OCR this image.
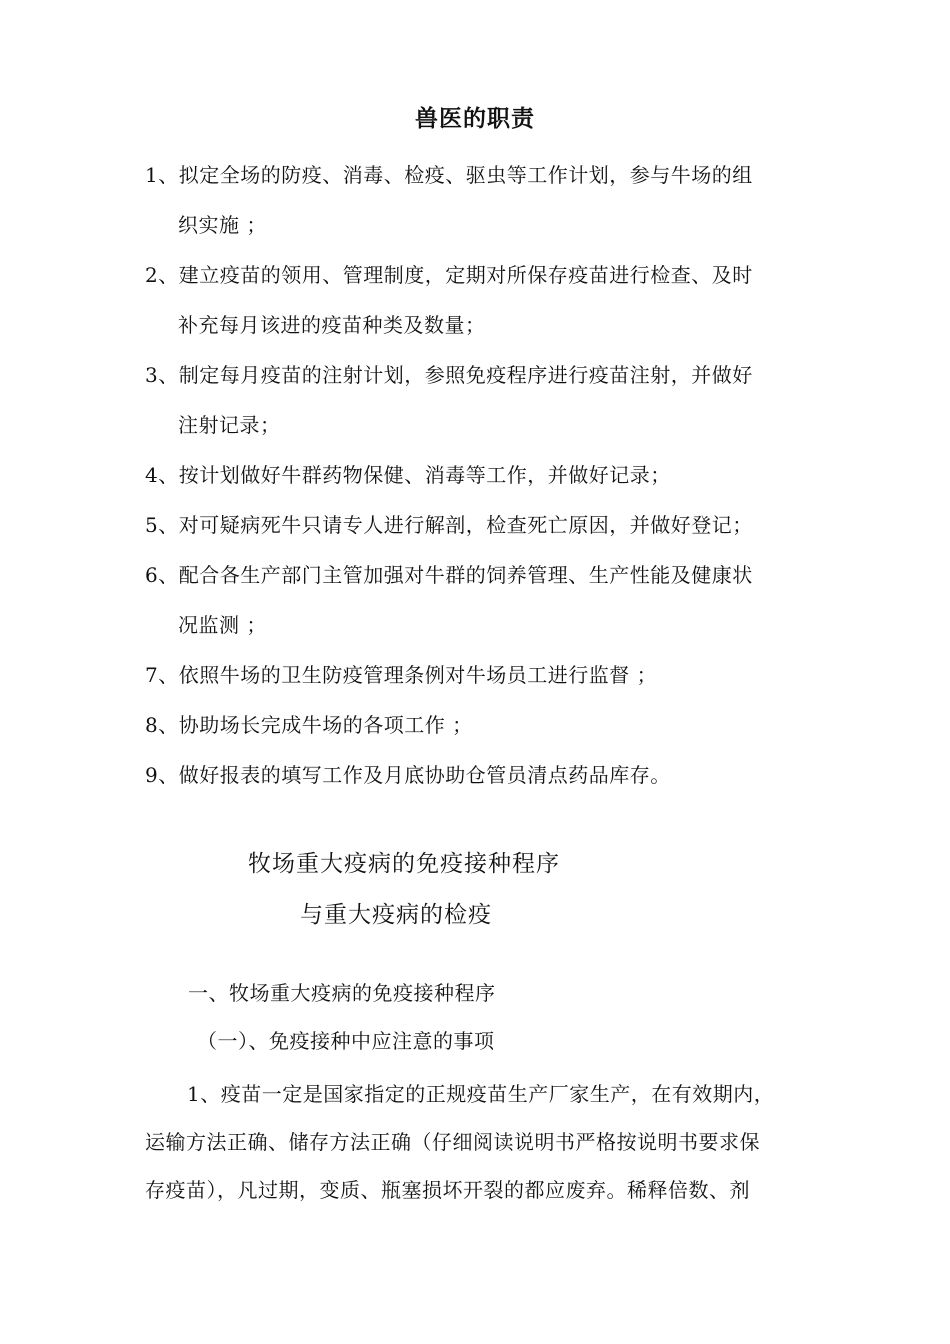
兽医的职责
1、拟定全场的防疫、消毒、检疫、驱虫等工作计划，参与牛场的组
织实施 ；
2、建立疫苗的领用、管理制度，定期对所保存疫苗进行检查、及时
补充每月该进的疫苗种类及数量；
3、制定每月疫苗的注射计划，参照免疫程序进行疫苗注射，并做好
注射记录；
4、按计划做好牛群药物保健、消毒等工作，并做好记录；
5、对可疑病死牛只请专人进行解剖，检查死亡原因，并做好登记；
6、配合各生产部门主管加强对牛群的饲养管理、生产性能及健康状
况监测 ；
7、依照牛场的卫生防疫管理条例对牛场员工进行监督 ；
8、协助场长完成牛场的各项工作 ；
9、做好报表的填写工作及月底协助仓管员清点药品库存。
牧场重大疫病的免疫接种程序
与重大疫病的检疫
一、牧场重大疫病的免疫接种程序
（一）、免疫接种中应注意的事项
1、疫苗一定是国家指定的正规疫苗生产厂家生产，在有效期内，
运输方法正确、储存方法正确（仔细阅读说明书严格按说明书要求保
存疫苗），凡过期，变质、瓶塞损坏开裂的都应废弃。稀释倍数、剂
